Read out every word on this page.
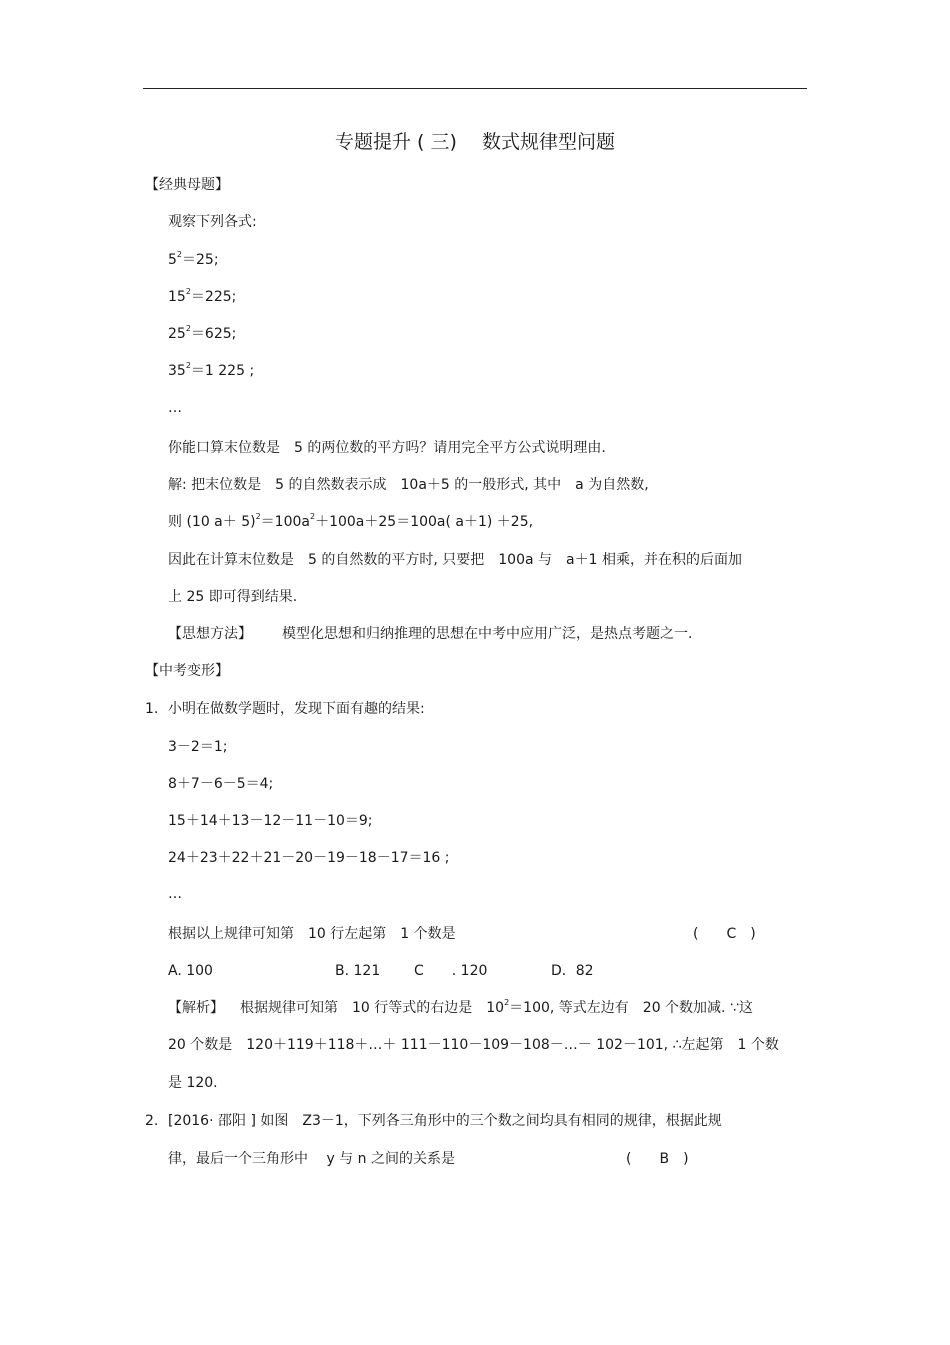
专题提升 ( 三)　 数式规律型问题
【经典母题】
观察下列各式:
$5^2=25$;
$15^2=225$;
$25^2=625$;
$35^2=1$ 225 ;
…
你能口算末位数是　5 的两位数的平方吗？请用完全平方公式说明理由.
解: 把末位数是　5 的自然数表示成　10a＋5 的一般形式, 其中　a 为自然数,
则 (10 $a+ 5)^2=100a^2+100a+25=100a$( a＋1) ＋25,
因此在计算末位数是　5 的自然数的平方时, 只要把　100a 与　a＋1 相乘，并在积的后面加
上 25 即可得到结果.
【思想方法】 模型化思想和归纳推理的思想在中考中应用广泛，是热点考题之一.
【中考变形】
1. 小明在做数学题时，发现下面有趣的结果:
3－2＝1;
8＋7－6－5＝4;
15＋14＋13－12－11－10＝9;
24＋23＋22＋21－20－19－18－17＝16 ;
…
根据以上规律可知第　10 行左起第　1 个数是	(　　C　)
A. 100	B. 121 C　　. 120	D．82
【解析】 根据规律可知第　10 行等式的右边是　$10^2=100$, 等式左边有　20 个数加减. ∵这
20 个数是　120＋119＋118＋…＋ 111－110－109－108－…－ 102－101, ∴左起第　1 个数
是 120.
2. [2016· 邵阳 ] 如图　Z3－1，下列各三角形中的三个数之间均具有相同的规律，根据此规
律，最后一个三角形中　 y 与 n 之间的关系是	(　　B　)
